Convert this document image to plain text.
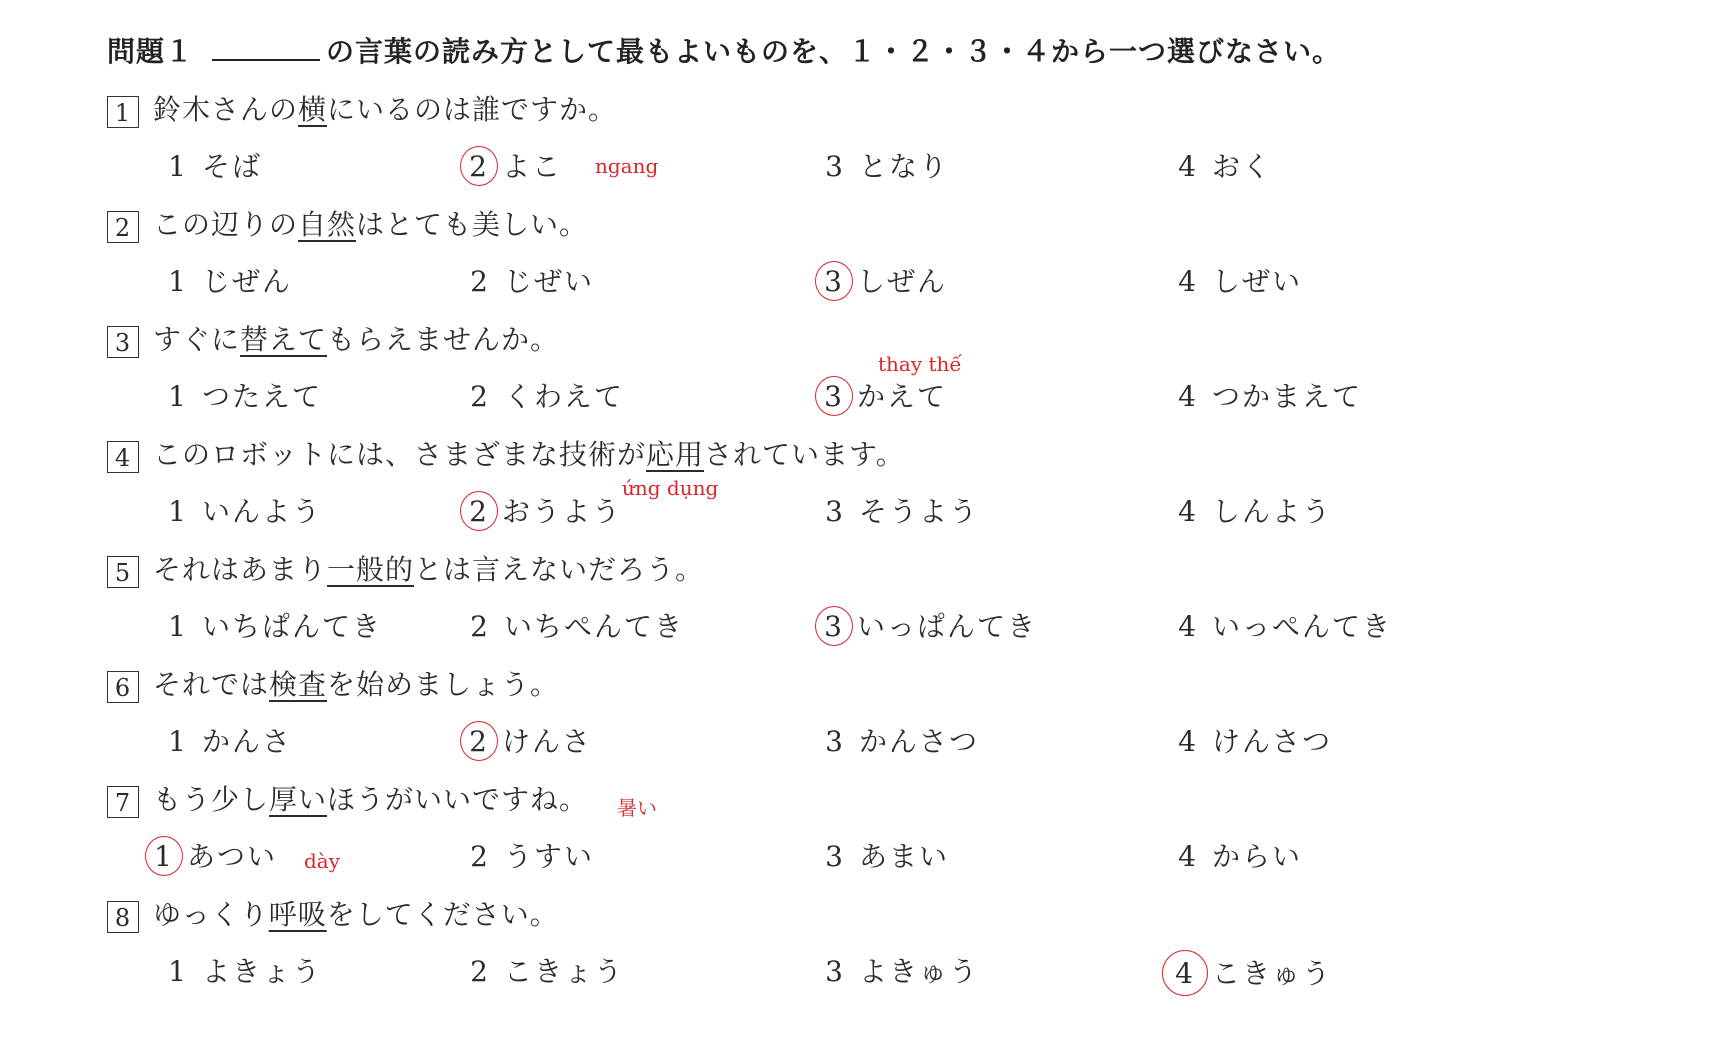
問題１	の言葉の読み方として最もよいものを、１・２・３・４から一つ選びなさい。
1 鈴木さんの横にいるのは誰ですか。
1 そば	2 よこ	3 となり	4 おく
ngang
2 この辺りの自然はとても美しい。
1 じぜん	2 じぜい	3 しぜん	4 しぜい
3 すぐに替えてもらえませんか。
1 つたえて	2 くわえて	3 かえて	4 つかまえて
thay thế
4 このロボットには、さまざまな技術が応用されています。
1 いんよう	2 おうよう	3 そうよう	4 しんよう
ứng dụng
5 それはあまり一般的とは言えないだろう。
1 いちぱんてき	2 いちぺんてき	3 いっぱんてき	4 いっぺんてき
6 それでは検査を始めましょう。
1 かんさ	2 けんさ	3 かんさつ	4 けんさつ
7 もう少し厚いほうがいいですね。 暑い
1 あつい dày	2 うすい	3 あまい	4 からい
8 ゆっくり呼吸をしてください。
1 よきょう	2 こきょう	3 よきゅう	4 こきゅう
